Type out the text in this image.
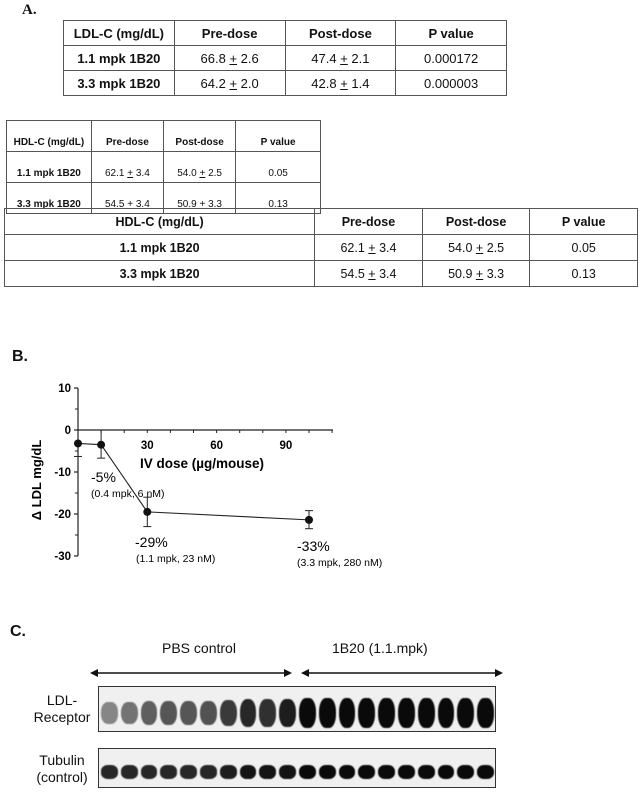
A.
LDL-C (mg/dL)	Pre-dose	Post-dose	P value
1.1 mpk 1B20	66.8 + 2.6	47.4 + 2.1	0.000172
3.3 mpk 1B20	64.2 + 2.0	42.8 + 1.4	0.000003
HDL-C (mg/dL)	Pre-dose	Post-dose	P value
1.1 mpk 1B20	62.1 + 3.4	54.0 + 2.5	0.05
3.3 mpk 1B20	54.5 + 3.4	50.9 + 3.3	0.13
HDL-C (mg/dL)	Pre-dose	Post-dose	P value
1.1 mpk 1B20	62.1 + 3.4	54.0 + 2.5	0.05
3.3 mpk 1B20	54.5 + 3.4	50.9 + 3.3	0.13
B.
10
0
-10
-20
-30
30	60	90
Δ LDL mg/dL	IV dose (µg/mouse)
-5%
(0.4 mpk, 6 nM)
-29%
(1.1 mpk, 23 nM)
-33%
(3.3 mpk, 280 nM)
C.
PBS control	1B20 (1.1.mpk)
LDL-
Receptor
Tubulin
(control)
